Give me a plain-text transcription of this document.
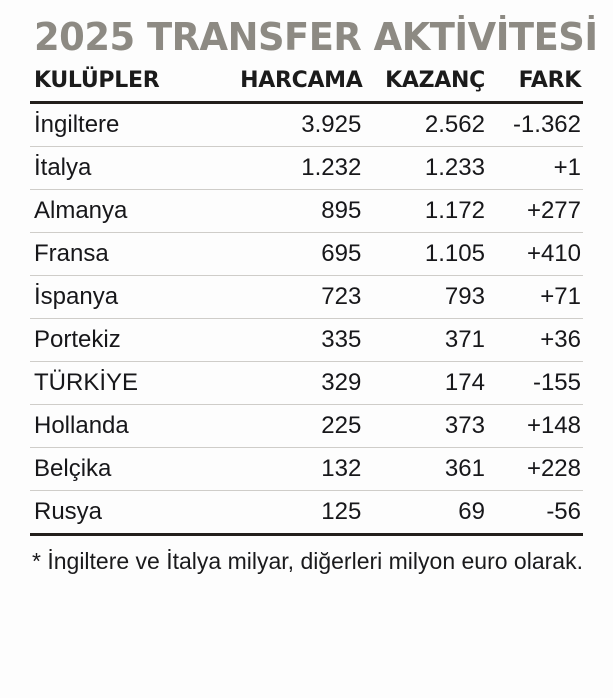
2025 TRANSFER AKTİVİTESİ
KULÜPLER	HARCAMA	KAZANÇ	FARK

İngiltere	3.925	2.562	-1.362
İtalya	1.232	1.233	+1
Almanya	895	1.172	+277
Fransa	695	1.105	+410
İspanya	723	793	+71
Portekiz	335	371	+36
TÜRKİYE	329	174	-155
Hollanda	225	373	+148
Belçika	132	361	+228
Rusya	125	69	-56
* İngiltere ve İtalya milyar, diğerleri milyon euro olarak.
